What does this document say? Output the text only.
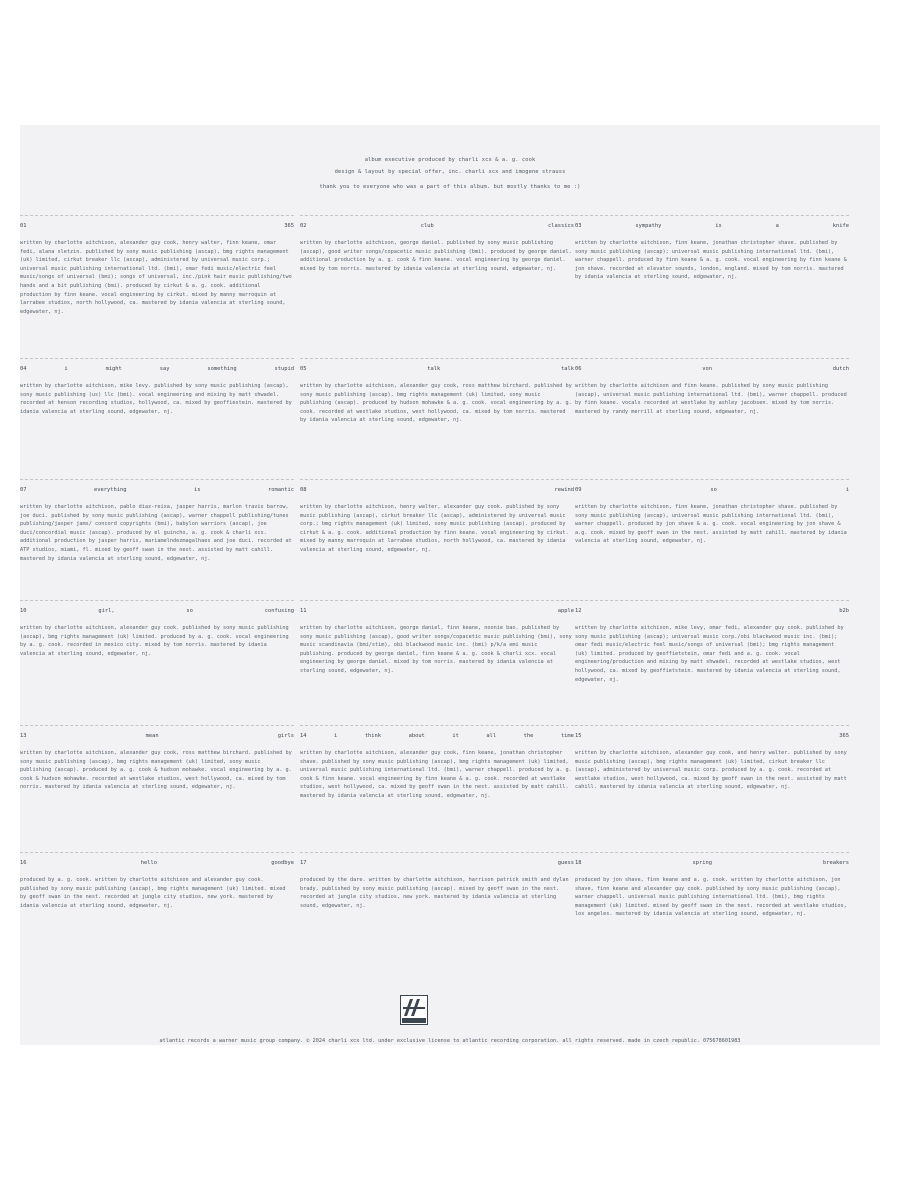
album executive produced by charli xcx & a. g. cook
design & layout by special offer, inc. charli xcx and imogene strauss
thank you to everyone who was a part of this album. but mostly thanks to me :)
01	365
written by charlotte aitchison, alexander guy cook, henry walter, finn keane, omar fedi, alana sletzin. published by sony music publishing (ascap), bmg rights management (uk) limited, cirkut breaker llc (ascap), administered by universal music corp.; universal music publishing international ltd. (bmi), omar fedi music/electric feel music/songs of universal (bmi); songs of universal, inc./pink hair music publishing/two hands and a bit publishing (bmi). produced by cirkut & a. g. cook. additional production by finn keane. vocal engineering by cirkut. mixed by manny marroquin at larrabee studios, north hollywood, ca. mastered by idania valencia at sterling sound, edgewater, nj.
02	club	classics
written by charlotte aitchison, george daniel. published by sony music publishing (ascap), good writer songs/copacetic music publishing (bmi). produced by george daniel. additional production by a. g. cook & finn keane. vocal engineering by george daniel. mixed by tom norris. mastered by idania valencia at sterling sound, edgewater, nj.
03	sympathy	is	a	knife
written by charlotte aitchison, finn keane, jonathan christopher shave. published by sony music publishing (ascap); universal music publishing international ltd. (bmi), warner chappell. produced by finn keane & a. g. cook. vocal engineering by finn keane & jon shave. recorded at elevator sounds, london, england. mixed by tom norris. mastered by idania valencia at sterling sound, edgewater, nj.
04	i	might	say	something	stupid
written by charlotte aitchison, mike levy. published by sony music publishing (ascap), sony music publishing (us) llc (bmi). vocal engineering and mixing by matt shwadel. recorded at henson recording studios, hollywood, ca. mixed by geoffiestein. mastered by idania valencia at sterling sound, edgewater, nj.
05	talk	talk
written by charlotte aitchison, alexander guy cook, ross matthew birchard. published by sony music publishing (ascap), bmg rights management (uk) limited, sony music publishing (ascap). produced by hudson mohawke & a. g. cook. vocal engineering by a. g. cook. recorded at westlake studios, west hollywood, ca. mixed by tom norris. mastered by idania valencia at sterling sound, edgewater, nj.
06	von	dutch
written by charlotte aitchison and finn keane. published by sony music publishing (ascap), universal music publishing international ltd. (bmi), warner chappell. produced by finn keane. vocals recorded at westlake by ashley jacobsen. mixed by tom norris. mastered by randy merrill at sterling sound, edgewater, nj.
07	everything	is	romantic
written by charlotte aitchison, pablo diaz-reixa, jasper harris, marlon travis barrow, joe duci. published by sony music publishing (ascap), warner chappell publishing/tunes publishing/jasper jams/ concord copyrights (bmi), babylon warriors (ascap), joe duci/concordial music (ascap). produced by el guincho, a. g. cook & charli xcx. additional production by jasper harris, mariamelndezmagalhaes and joe duci. recorded at ATP studios, miami, fl. mixed by geoff swan in the nest. assisted by matt cahill. mastered by idania valencia at sterling sound, edgewater, nj.
08	rewind
written by charlotte aitchison, henry walter, alexander guy cook. published by sony music publishing (ascap), cirkut breaker llc (ascap), administered by universal music corp.; bmg rights management (uk) limited, sony music publishing (ascap). produced by cirkut & a. g. cook. additional production by finn keane. vocal engineering by cirkut. mixed by manny marroquin at larrabee studios, north hollywood, ca. mastered by idania valencia at sterling sound, edgewater, nj.
09	so	i
written by charlotte aitchison, finn keane, jonathan christopher shave. published by sony music publishing (ascap), universal music publishing international ltd. (bmi), warner chappell. produced by jon shave & a. g. cook. vocal engineering by jon shave & a.g. cook. mixed by geoff swan in the nest. assisted by matt cahill. mastered by idania valencia at sterling sound, edgewater, nj.
10	girl,	so	confusing
written by charlotte aitchison, alexander guy cook. published by sony music publishing (ascap), bmg rights management (uk) limited. produced by a. g. cook. vocal engineering by a. g. cook. recorded in mexico city. mixed by tom norris. mastered by idania valencia at sterling sound, edgewater, nj.
11	apple
written by charlotte aitchison, george daniel, finn keane, noonie bao. published by sony music publishing (ascap), good writer songs/copacetic music publishing (bmi), sony music scandinavia (bmi/stim), obi blackwood music inc. (bmi) p/k/a emi music publishing. produced by george daniel, finn keane & a. g. cook & charli xcx. vocal engineering by george daniel. mixed by tom norris. mastered by idania valencia at sterling sound, edgewater, nj.
12	b2b
written by charlotte aitchison, mike levy, omar fedi, alexander guy cook. published by sony music publishing (ascap); universal music corp./obi blackwood music inc. (bmi); omar fedi music/electric feel music/songs of universal (bmi); bmg rights management (uk) limited. produced by geoffietstein, omar fedi and a. g. cook. vocal engineering/production and mixing by matt shwadel. recorded at westlake studios, west hollywood, ca. mixed by geoffietstein. mastered by idania valencia at sterling sound, edgewater, nj.
13	mean	girls
written by charlotte aitchison, alexander guy cook, ross matthew birchard. published by sony music publishing (ascap), bmg rights management (uk) limited, sony music publishing (ascap). produced by a. g. cook & hudson mohawke. vocal engineering by a. g. cook & hudson mohawke. recorded at westlake studios, west hollywood, ca. mixed by tom norris. mastered by idania valencia at sterling sound, edgewater, nj.
14	i	think	about	it	all	the	time
written by charlotte aitchison, alexander guy cook, finn keane, jonathan christopher shave. published by sony music publishing (ascap), bmg rights management (uk) limited, universal music publishing international ltd. (bmi), warner chappell. produced by a. g. cook & finn keane. vocal engineering by finn keane & a. g. cook. recorded at westlake studios, west hollywood, ca. mixed by geoff swan in the nest. assisted by matt cahill. mastered by idania valencia at sterling sound, edgewater, nj.
15	365
written by charlotte aitchison, alexander guy cook, and henry walter. published by sony music publishing (ascap), bmg rights management (uk) limited, cirkut breaker llc (ascap), administered by universal music corp. produced by a. g. cook. recorded at westlake studios, west hollywood, ca. mixed by geoff swan in the nest. assisted by matt cahill. mastered by idania valencia at sterling sound, edgewater, nj.
16	hello	goodbye
produced by a. g. cook. written by charlotte aitchison and alexander guy cook. published by sony music publishing (ascap), bmg rights management (uk) limited. mixed by geoff swan in the nest. recorded at jungle city studios, new york. mastered by idania valencia at sterling sound, edgewater, nj.
17	guess
produced by the dare. written by charlotte aitchison, harrison patrick smith and dylan brady. published by sony music publishing (ascap). mixed by geoff swan in the nest. recorded at jungle city studios, new york. mastered by idania valencia at sterling sound, edgewater, nj.
18	spring	breakers
produced by jon shave, finn keane and a. g. cook. written by charlotte aitchison, jon shave, finn keane and alexander guy cook. published by sony music publishing (ascap), warner chappell. universal music publishing international ltd. (bmi), bmg rights management (uk) limited. mixed by geoff swan in the nest. recorded at westlake studios, los angeles. mastered by idania valencia at sterling sound, edgewater, nj.
atlantic records a warner music group company. © 2024 charli xcx ltd. under exclusive license to atlantic recording corporation. all rights reserved. made in czech republic. 075678601983
